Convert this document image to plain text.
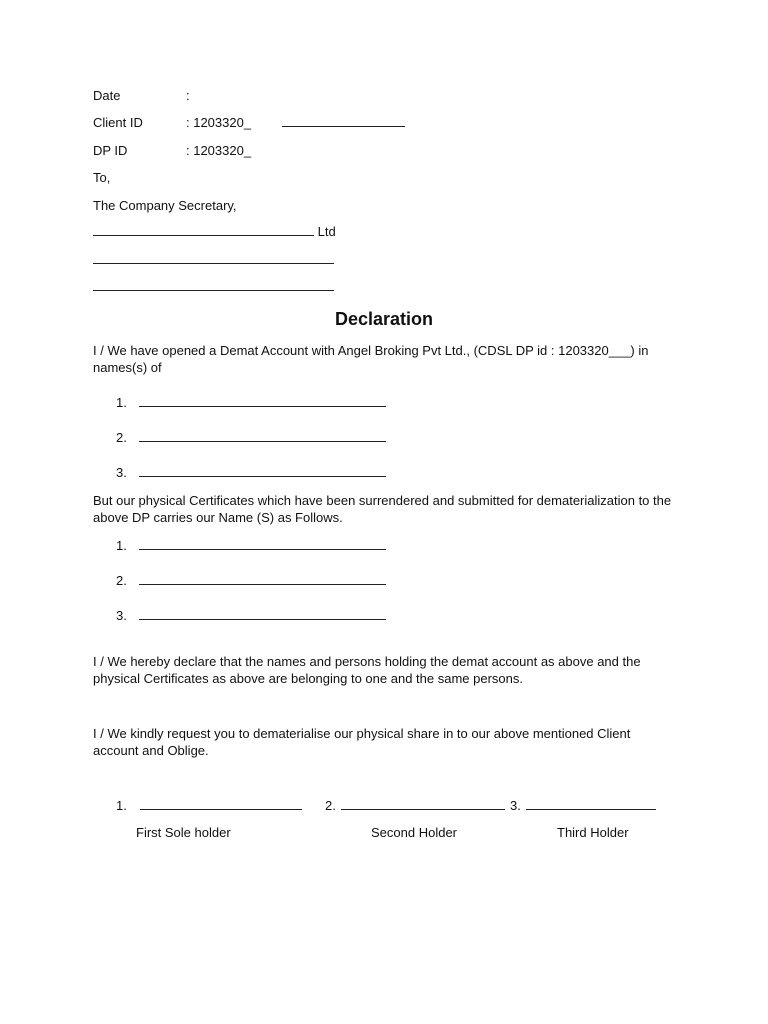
Date	:
Client ID	: 1203320_
DP ID	: 1203320_
To,
The Company Secretary,
Ltd
Declaration
I / We have opened a Demat Account with Angel Broking Pvt Ltd., (CDSL DP id : 1203320___) in names(s) of
1.
2.
3.
But our physical Certificates which have been surrendered and submitted for dematerialization to the above DP carries our Name (S) as Follows.
1.
2.
3.
I / We hereby declare that the names and persons holding the demat account as above and the physical Certificates as above are belonging to one and the same persons.
I / We kindly request you to dematerialise our physical share in to our above mentioned Client account and Oblige.
1.	2.	3.
First Sole holder	Second Holder	Third Holder
